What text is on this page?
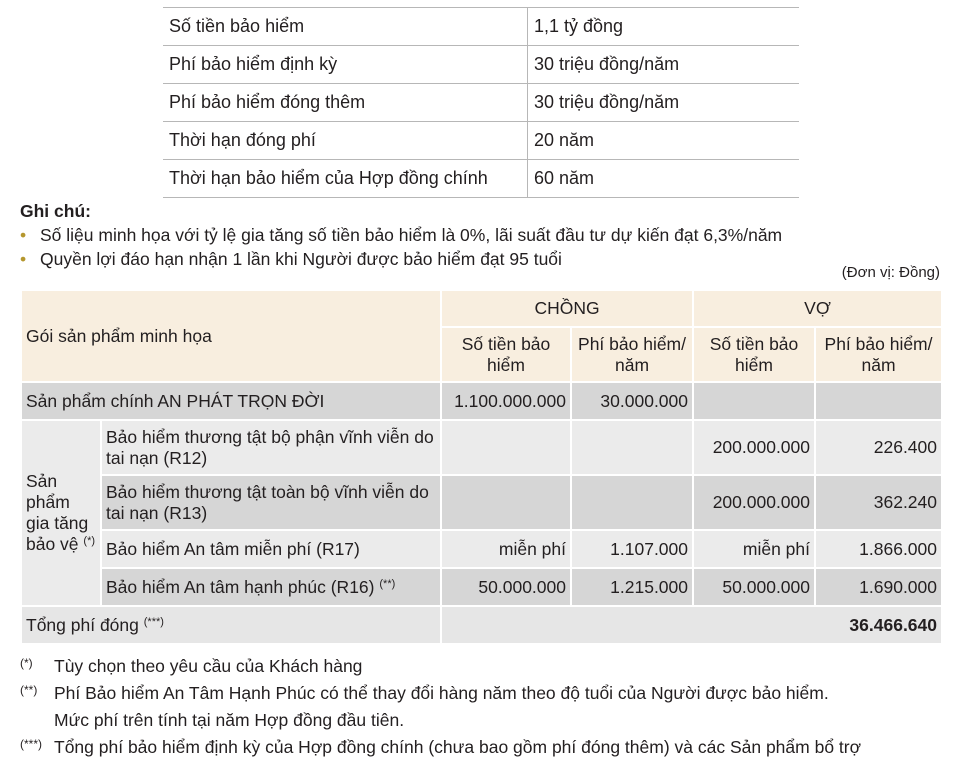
Số tiền bảo hiểm	1,1 tỷ đồng
Phí bảo hiểm định kỳ	30 triệu đồng/năm
Phí bảo hiểm đóng thêm	30 triệu đồng/năm
Thời hạn đóng phí	20 năm
Thời hạn bảo hiểm của Hợp đồng chính	60 năm
Ghi chú:
• Số liệu minh họa với tỷ lệ gia tăng số tiền bảo hiểm là 0%, lãi suất đầu tư dự kiến đạt 6,3%/năm
• Quyền lợi đáo hạn nhận 1 lần khi Người được bảo hiểm đạt 95 tuổi
(Đơn vị: Đồng)
Gói sản phẩm minh họa		CHỒNG		VỢ	
		Số tiền bảo hiểm	Phí bảo hiểm/ năm	Số tiền bảo hiểm	Phí bảo hiểm/ năm
Sản phẩm chính AN PHÁT TRỌN ĐỜI		1.100.000.000	30.000.000		
Sản phẩm gia tăng bảo vệ (*)	Bảo hiểm thương tật bộ phận vĩnh viễn do tai nạn (R12)			200.000.000	226.400
	Bảo hiểm thương tật toàn bộ vĩnh viễn do tai nạn (R13)			200.000.000	362.240
	Bảo hiểm An tâm miễn phí (R17)	miễn phí	1.107.000	miễn phí	1.866.000
	Bảo hiểm An tâm hạnh phúc (R16) (**)	50.000.000	1.215.000	50.000.000	1.690.000
Tổng phí đóng (***)		36.466.640			
(*) Tùy chọn theo yêu cầu của Khách hàng
(**) Phí Bảo hiểm An Tâm Hạnh Phúc có thể thay đổi hàng năm theo độ tuổi của Người được bảo hiểm.
Mức phí trên tính tại năm Hợp đồng đầu tiên.
(***) Tổng phí bảo hiểm định kỳ của Hợp đồng chính (chưa bao gồm phí đóng thêm) và các Sản phẩm bổ trợ
